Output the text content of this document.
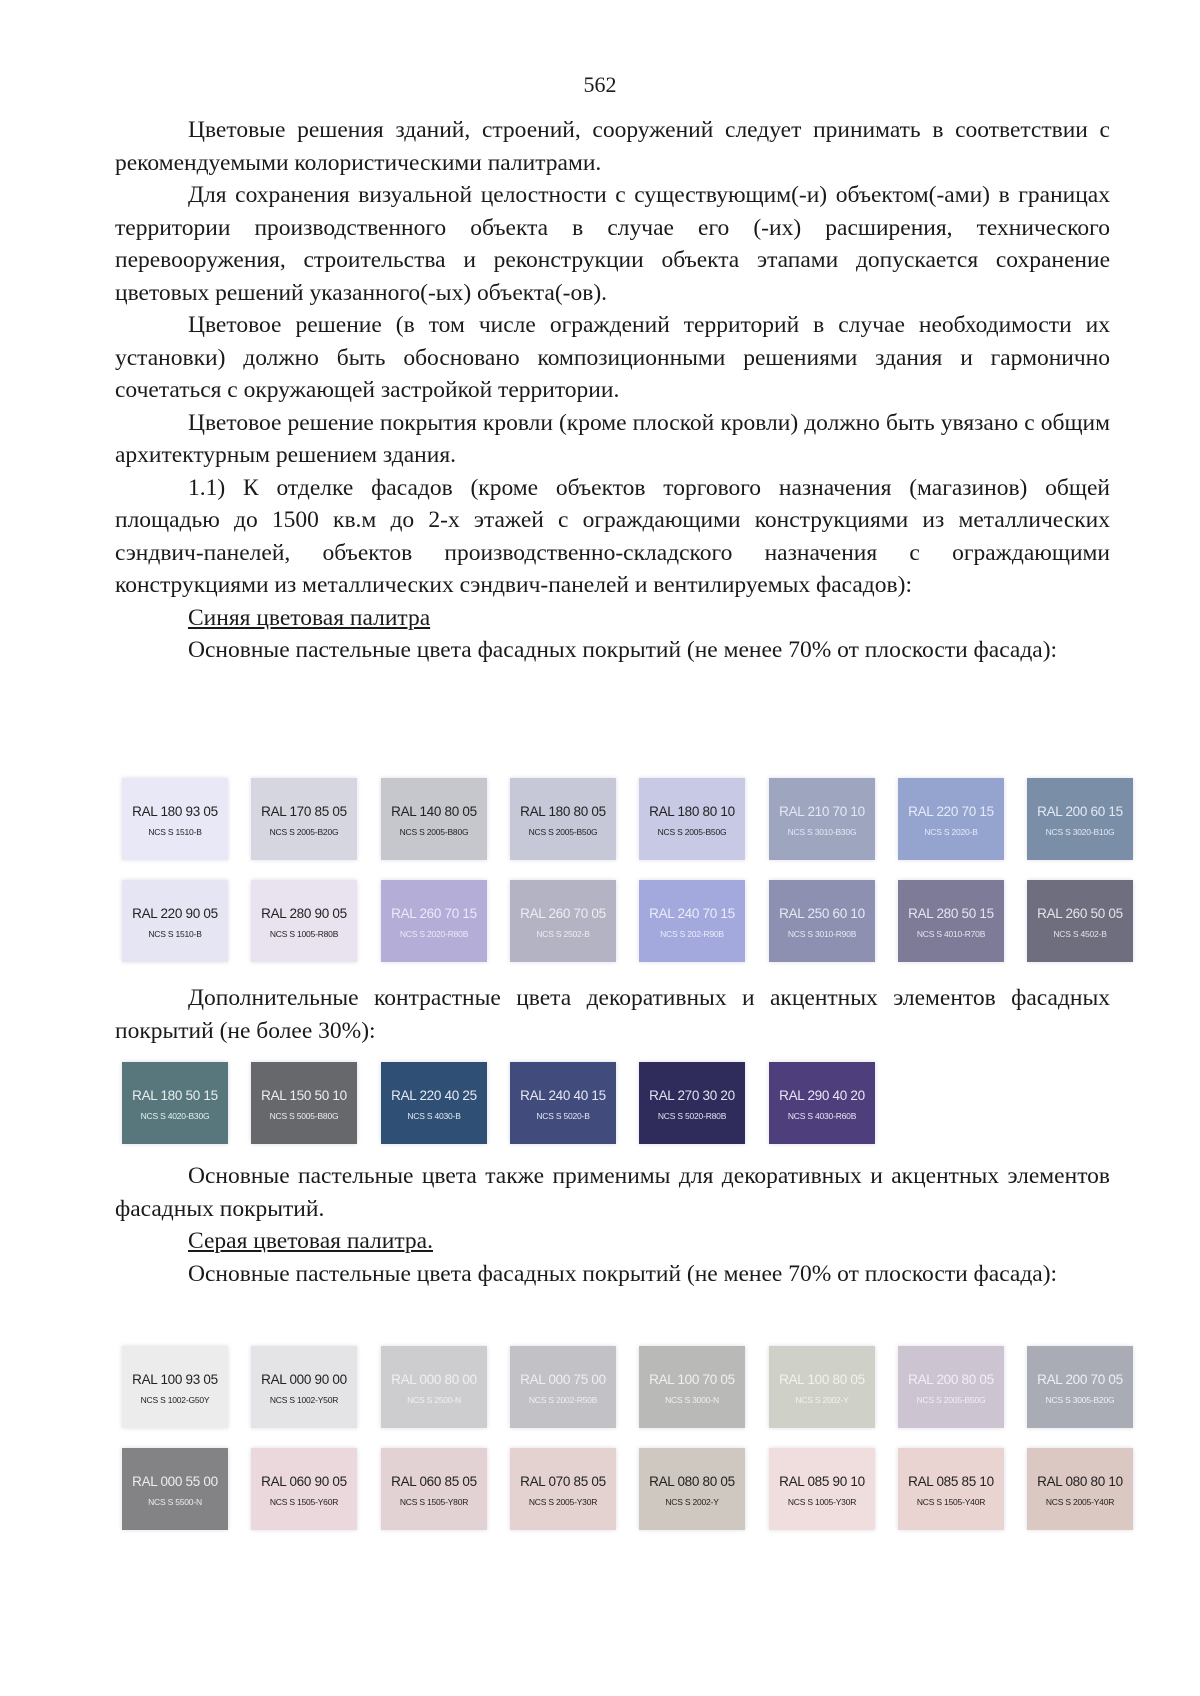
562

Цветовые решения зданий, строений, сооружений следует принимать в соответствии с рекомендуемыми колористическими палитрами.

Для сохранения визуальной целостности с существующим(-и) объектом(-ами) в границах территории производственного объекта в случае его (-их) расширения, технического перевооружения, строительства и реконструкции объекта этапами допускается сохранение цветовых решений указанного(-ых) объекта(-ов).

Цветовое решение (в том числе ограждений территорий в случае необходимости их установки) должно быть обосновано композиционными решениями здания и гармонично сочетаться с окружающей застройкой территории.

Цветовое решение покрытия кровли (кроме плоской кровли) должно быть увязано с общим архитектурным решением здания.

1.1) К отделке фасадов (кроме объектов торгового назначения (магазинов) общей площадью до 1500 кв.м до 2-х этажей с ограждающими конструкциями из металлических сэндвич-панелей, объектов производственно-складского назначения с ограждающими конструкциями из металлических сэндвич-панелей и вентилируемых фасадов):

Синяя цветовая палитра

Основные пастельные цвета фасадных покрытий (не менее 70% от плоскости фасада):

RAL 180 93 05
NCS S 1510-B
RAL 170 85 05
NCS S 2005-B20G
RAL 140 80 05
NCS S 2005-B80G
RAL 180 80 05
NCS S 2005-B50G
RAL 180 80 10
NCS S 2005-B50G
RAL 210 70 10
NCS S 3010-B30G
RAL 220 70 15
NCS S 2020-B
RAL 200 60 15
NCS S 3020-B10G
RAL 220 90 05
NCS S 1510-B
RAL 280 90 05
NCS S 1005-R80B
RAL 260 70 15
NCS S 2020-R80B
RAL 260 70 05
NCS S 2502-B
RAL 240 70 15
NCS S 202-R90B
RAL 250 60 10
NCS S 3010-R90B
RAL 280 50 15
NCS S 4010-R70B
RAL 260 50 05
NCS S 4502-B

Дополнительные контрастные цвета декоративных и акцентных элементов фасадных покрытий (не более 30%):

RAL 180 50 15
NCS S 4020-B30G
RAL 150 50 10
NCS S 5005-B80G
RAL 220 40 25
NCS S 4030-B
RAL 240 40 15
NCS S 5020-B
RAL 270 30 20
NCS S 5020-R80B
RAL 290 40 20
NCS S 4030-R60B

Основные пастельные цвета также применимы для декоративных и акцентных элементов фасадных покрытий.

Серая цветовая палитра.

Основные пастельные цвета фасадных покрытий (не менее 70% от плоскости фасада):

RAL 100 93 05
NCS S 1002-G50Y
RAL 000 90 00
NCS S 1002-Y50R
RAL 000 80 00
NCS S 2500-N
RAL 000 75 00
NCS S 2002-R50B
RAL 100 70 05
NCS S 3000-N
RAL 100 80 05
NCS S 2002-Y
RAL 200 80 05
NCS S 2005-B50G
RAL 200 70 05
NCS S 3005-B20G
RAL 000 55 00
NCS S 5500-N
RAL 060 90 05
NCS S 1505-Y60R
RAL 060 85 05
NCS S 1505-Y80R
RAL 070 85 05
NCS S 2005-Y30R
RAL 080 80 05
NCS S 2002-Y
RAL 085 90 10
NCS S 1005-Y30R
RAL 085 85 10
NCS S 1505-Y40R
RAL 080 80 10
NCS S 2005-Y40R
